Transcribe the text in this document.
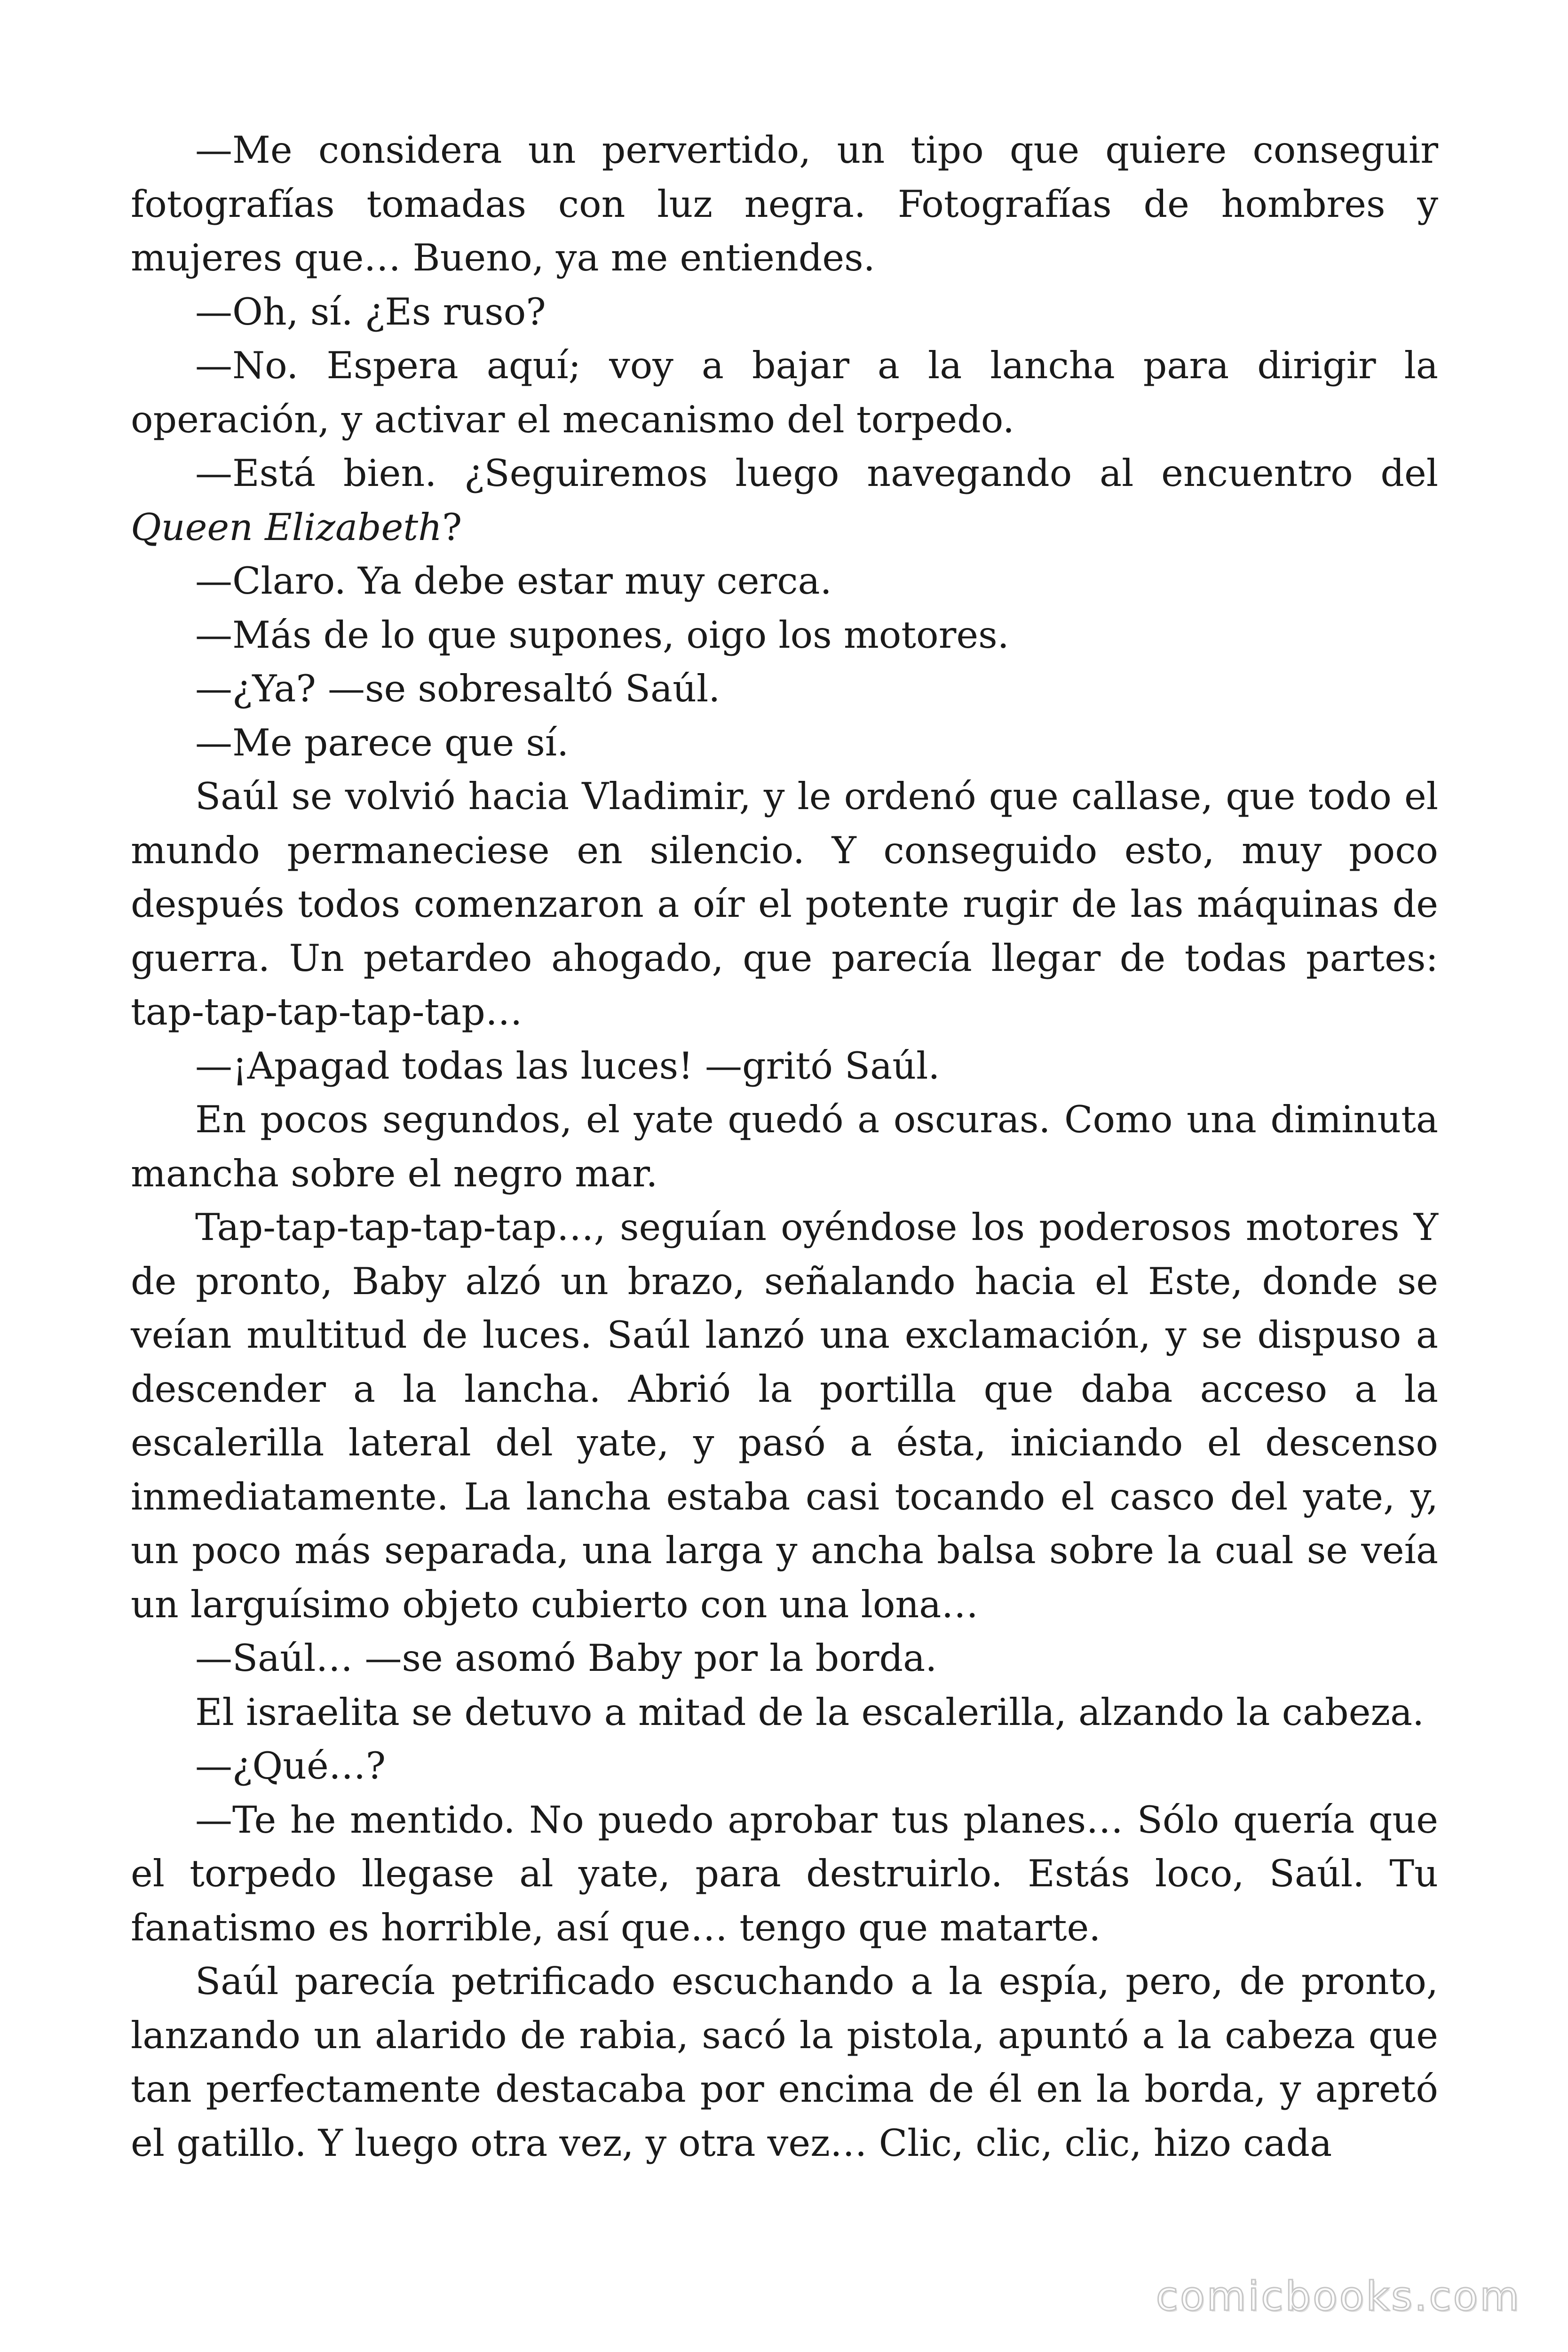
—Me considera un pervertido, un tipo que quiere conseguir fotografías tomadas con luz negra. Fotografías de hombres y mujeres que… Bueno, ya me entiendes.

—Oh, sí. ¿Es ruso?

—No. Espera aquí; voy a bajar a la lancha para dirigir la operación, y activar el mecanismo del torpedo.

—Está bien. ¿Seguiremos luego navegando al encuentro del Queen Elizabeth?

—Claro. Ya debe estar muy cerca.

—Más de lo que supones, oigo los motores.

—¿Ya? —se sobresaltó Saúl.

—Me parece que sí.

Saúl se volvió hacia Vladimir, y le ordenó que callase, que todo el mundo permaneciese en silencio. Y conseguido esto, muy poco después todos comenzaron a oír el potente rugir de las máquinas de guerra. Un petardeo ahogado, que parecía llegar de todas partes: tap-tap-tap-tap-tap…

—¡Apagad todas las luces! —gritó Saúl.

En pocos segundos, el yate quedó a oscuras. Como una diminuta mancha sobre el negro mar.

Tap-tap-tap-tap-tap…, seguían oyéndose los poderosos motores Y de pronto, Baby alzó un brazo, señalando hacia el Este, donde se veían multitud de luces. Saúl lanzó una exclamación, y se dispuso a descender a la lancha. Abrió la portilla que daba acceso a la escalerilla lateral del yate, y pasó a ésta, iniciando el descenso inmediatamente. La lancha estaba casi tocando el casco del yate, y, un poco más separada, una larga y ancha balsa sobre la cual se veía un larguísimo objeto cubierto con una lona…

—Saúl… —se asomó Baby por la borda.

El israelita se detuvo a mitad de la escalerilla, alzando la cabeza.

—¿Qué…?

—Te he mentido. No puedo aprobar tus planes… Sólo quería que el torpedo llegase al yate, para destruirlo. Estás loco, Saúl. Tu fanatismo es horrible, así que… tengo que matarte.

Saúl parecía petrificado escuchando a la espía, pero, de pronto, lanzando un alarido de rabia, sacó la pistola, apuntó a la cabeza que tan perfectamente destacaba por encima de él en la borda, y apretó el gatillo. Y luego otra vez, y otra vez… Clic, clic, clic, hizo cada

comicbooks.com
